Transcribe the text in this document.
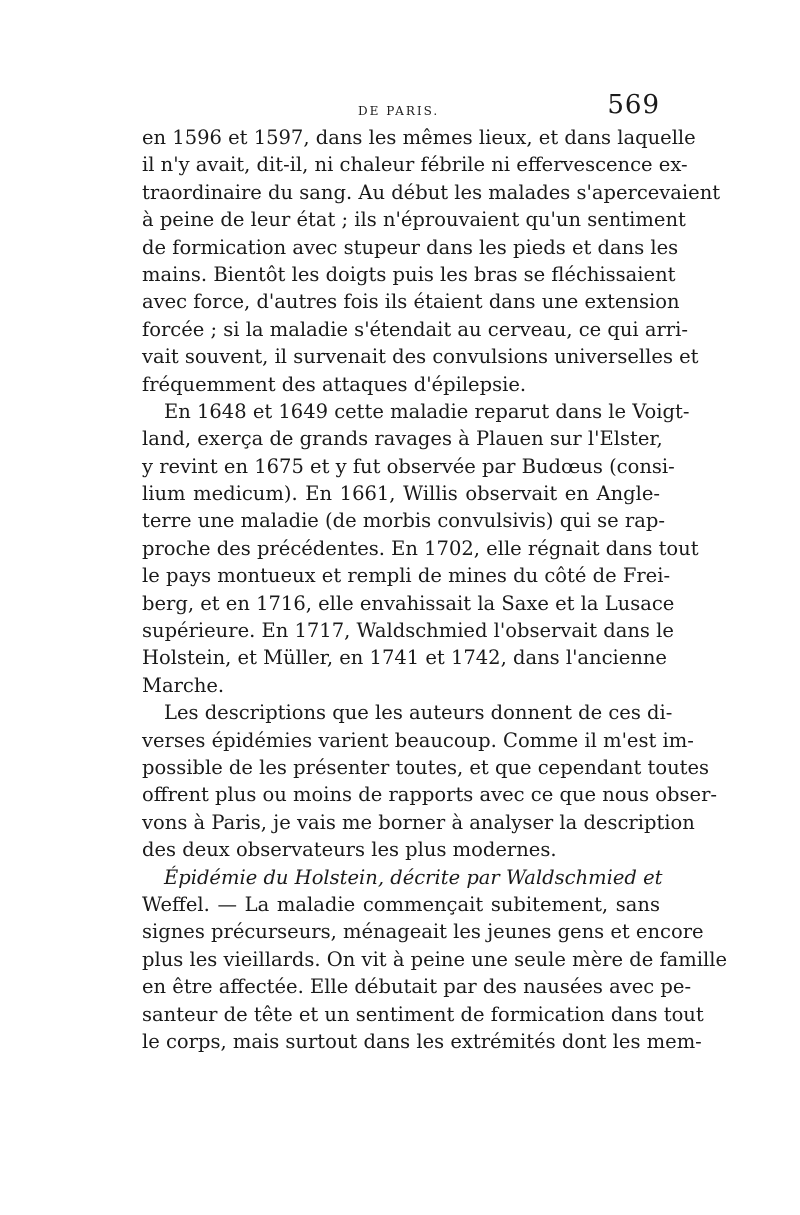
DE PARIS.	569
en 1596 et 1597, dans les mêmes lieux, et dans laquelle
il n'y avait, dit-il, ni chaleur fébrile ni effervescence ex-
traordinaire du sang. Au début les malades s'apercevaient
à peine de leur état ; ils n'éprouvaient qu'un sentiment
de formication avec stupeur dans les pieds et dans les
mains. Bientôt les doigts puis les bras se fléchissaient
avec force, d'autres fois ils étaient dans une extension
forcée ; si la maladie s'étendait au cerveau, ce qui arri-
vait souvent, il survenait des convulsions universelles et
fréquemment des attaques d'épilepsie.
En 1648 et 1649 cette maladie reparut dans le Voigt-
land, exerça de grands ravages à Plauen sur l'Elster,
y revint en 1675 et y fut observée par Budœus (consi-
lium medicum). En 1661, Willis observait en Angle-
terre une maladie (de morbis convulsivis) qui se rap-
proche des précédentes. En 1702, elle régnait dans tout
le pays montueux et rempli de mines du côté de Frei-
berg, et en 1716, elle envahissait la Saxe et la Lusace
supérieure. En 1717, Waldschmied l'observait dans le
Holstein, et Müller, en 1741 et 1742, dans l'ancienne
Marche.
Les descriptions que les auteurs donnent de ces di-
verses épidémies varient beaucoup. Comme il m'est im-
possible de les présenter toutes, et que cependant toutes
offrent plus ou moins de rapports avec ce que nous obser-
vons à Paris, je vais me borner à analyser la description
des deux observateurs les plus modernes.
Épidémie du Holstein, décrite par Waldschmied et
Weffel. — La maladie commençait subitement, sans
signes précurseurs, ménageait les jeunes gens et encore
plus les vieillards. On vit à peine une seule mère de famille
en être affectée. Elle débutait par des nausées avec pe-
santeur de tête et un sentiment de formication dans tout
le corps, mais surtout dans les extrémités dont les mem-
